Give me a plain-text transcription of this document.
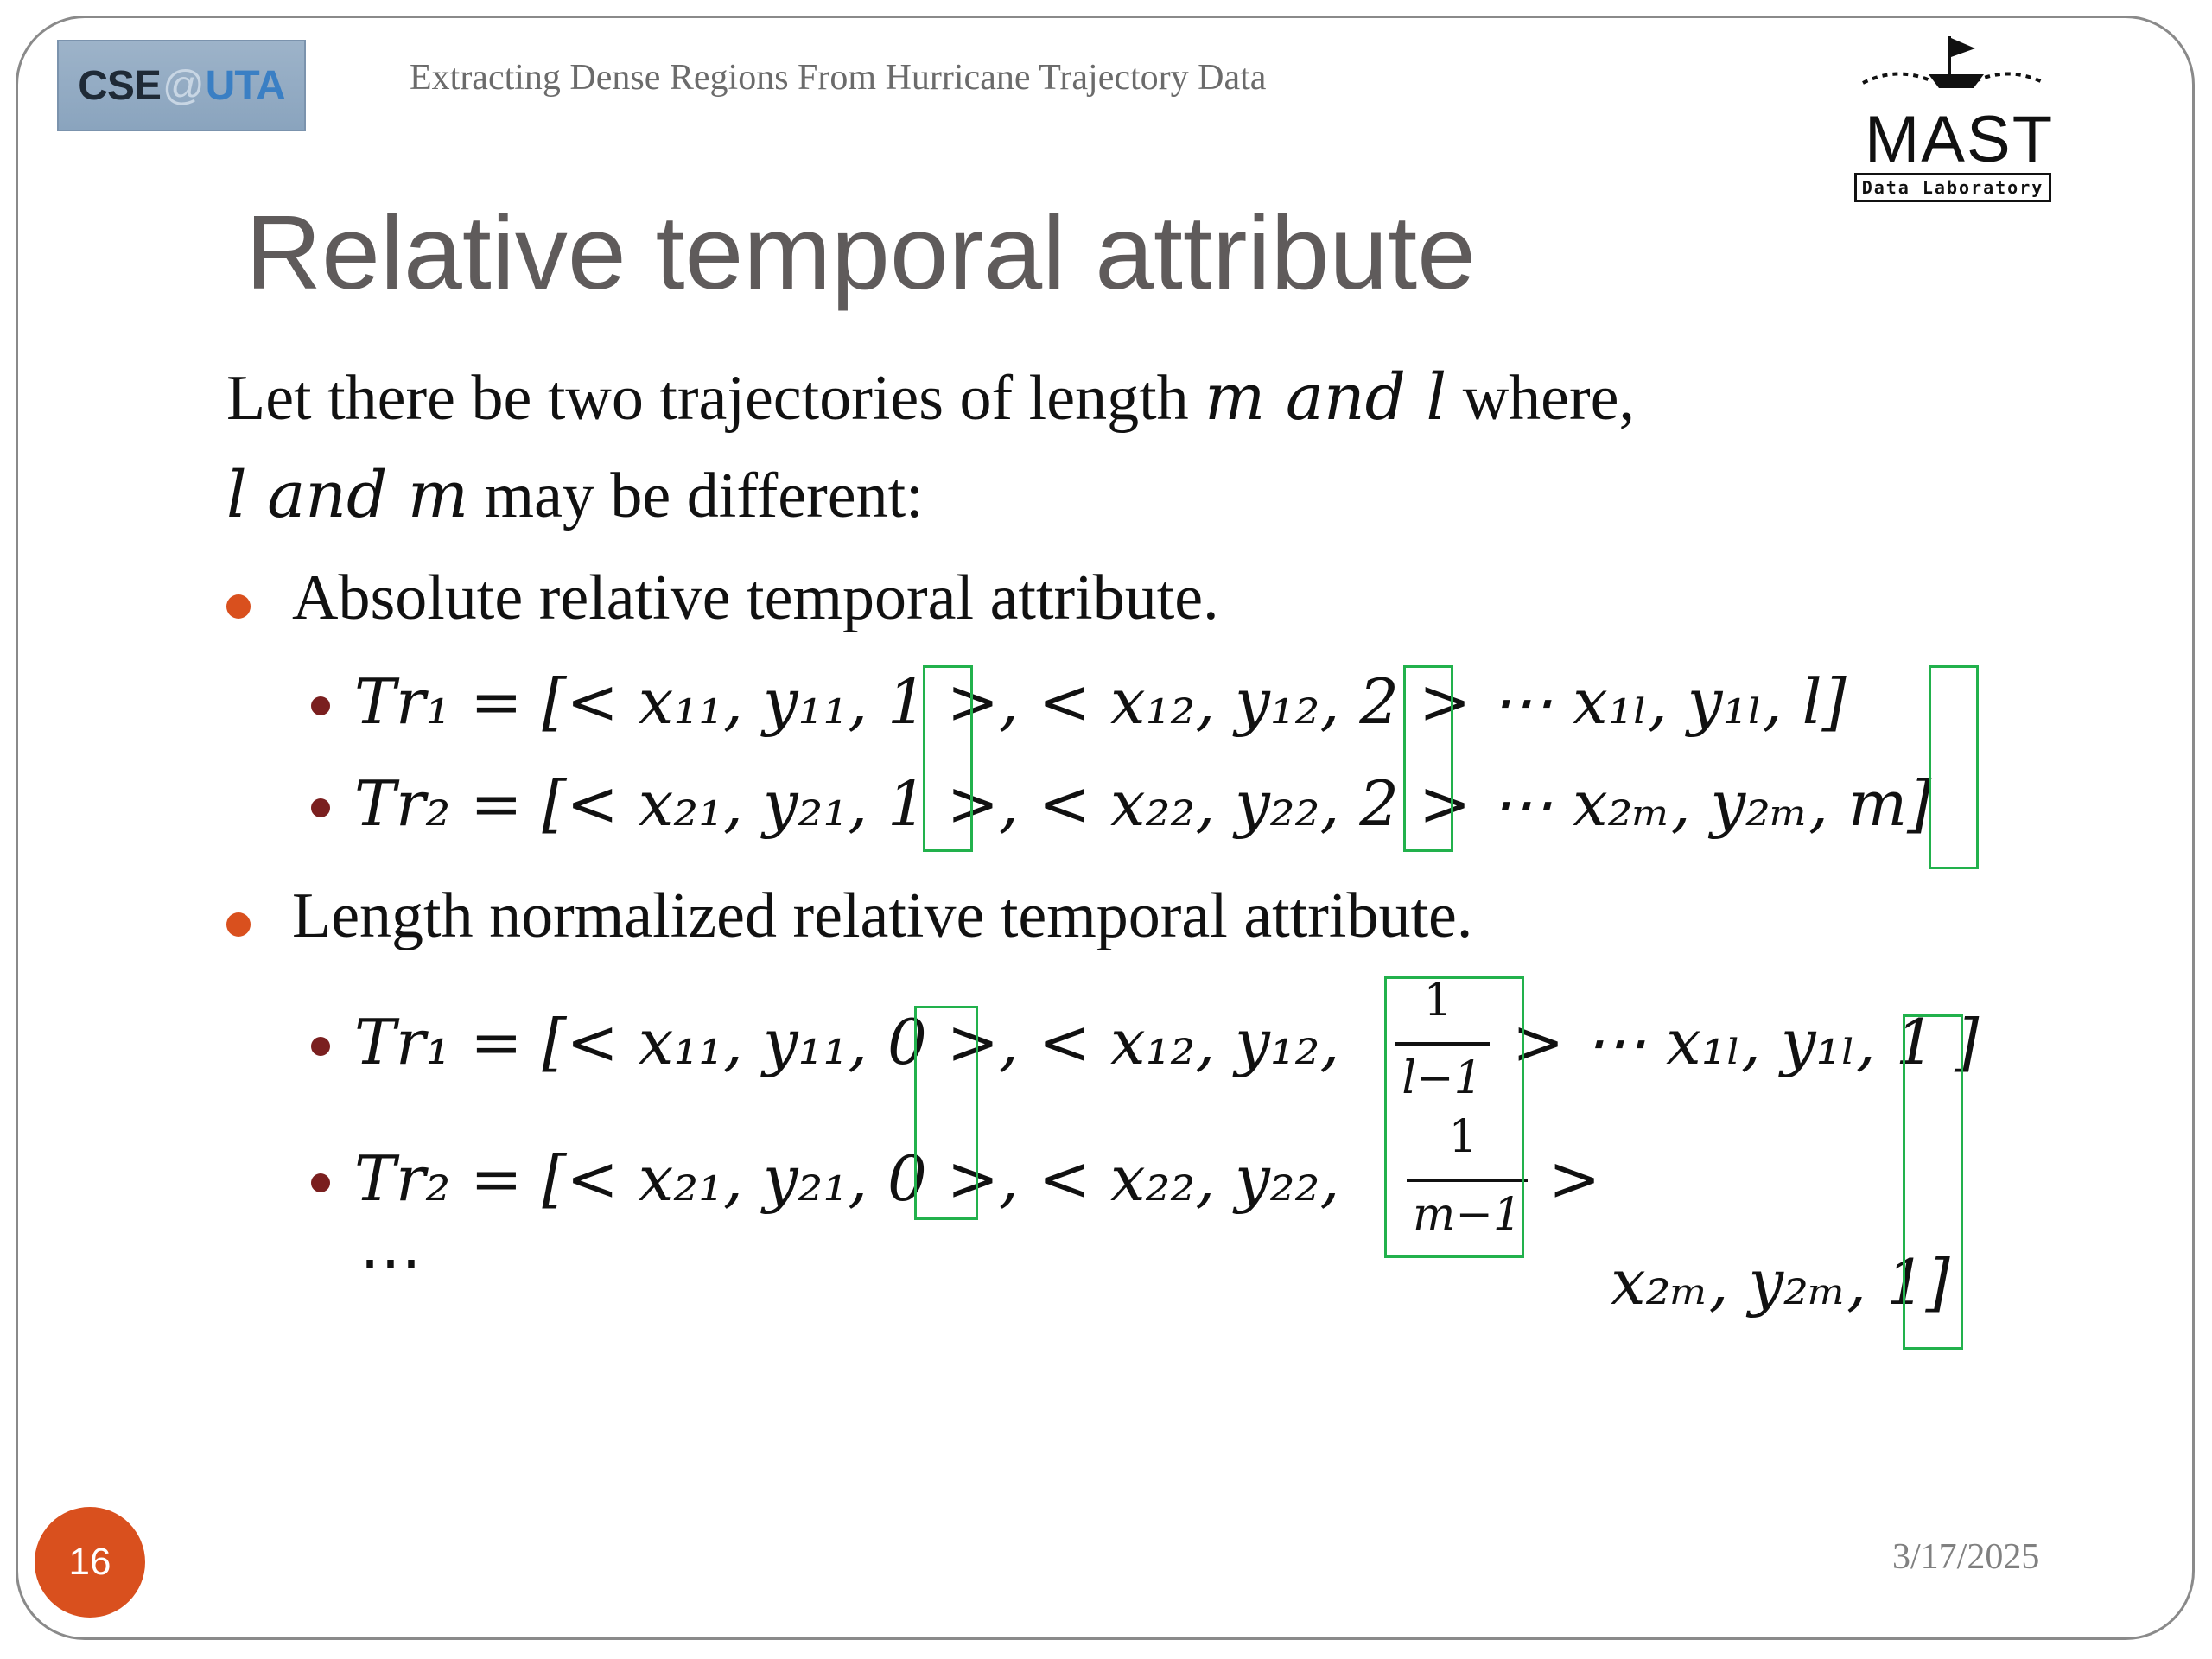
CSE @ UTA	Extracting Dense Regions From Hurricane Trajectory Data
MAST
Data Laboratory
Relative temporal attribute
Let there be two trajectories of length m and l where,
l and m may be different:
Absolute relative temporal attribute.
Tr₁ = [< x₁₁, y₁₁, 1 >, < x₁₂, y₁₂, 2 > ⋯ x₁ₗ, y₁ₗ, l]
Tr₂ = [< x₂₁, y₂₁, 1 >, < x₂₂, y₂₂, 2 > ⋯ x₂ₘ, y₂ₘ, m]
Length normalized relative temporal attribute.
Tr₁ = [< x₁₁, y₁₁, 0 >, < x₁₂, y₁₂,
1
l−1 > ⋯ x₁ₗ, y₁ₗ, 1 ]
Tr₂ = [< x₂₁, y₂₁, 0 >, < x₂₂, y₂₂,
1
m−1 >
⋯	x₂ₘ, y₂ₘ, 1]
16	3/17/2025
